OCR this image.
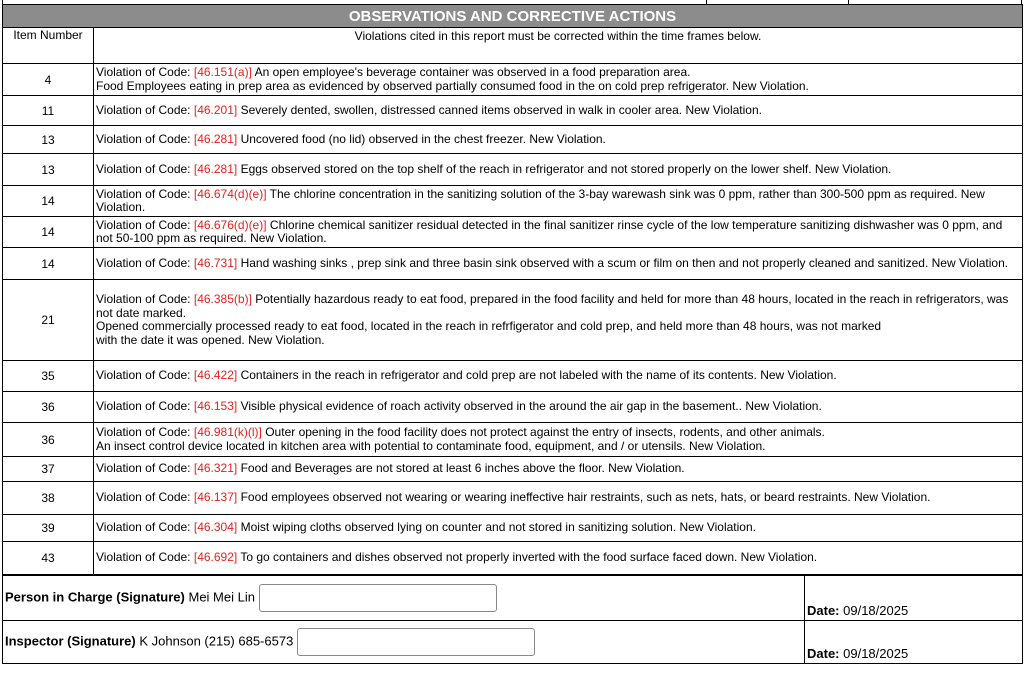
OBSERVATIONS AND CORRECTIVE ACTIONS	
Item Number	Violations cited in this report must be corrected within the time frames below.
4	Violation of Code: [46.151(a)] An open employee's beverage container was observed in a food preparation area.
Food Employees eating in prep area as evidenced by observed partially consumed food in the on cold prep refrigerator. New Violation.
11	Violation of Code: [46.201] Severely dented, swollen, distressed canned items observed in walk in cooler area. New Violation.
13	Violation of Code: [46.281] Uncovered food (no lid) observed in the chest freezer. New Violation.
13	Violation of Code: [46.281] Eggs observed stored on the top shelf of the reach in refrigerator and not stored properly on the lower shelf. New Violation.
14	Violation of Code: [46.674(d)(e)] The chlorine concentration in the sanitizing solution of the 3-bay warewash sink was 0 ppm, rather than 300-500 ppm as required. New Violation.
14	Violation of Code: [46.676(d)(e)] Chlorine chemical sanitizer residual detected in the final sanitizer rinse cycle of the low temperature sanitizing dishwasher was 0 ppm, and not 50-100 ppm as required. New Violation.
14	Violation of Code: [46.731] Hand washing sinks , prep sink and three basin sink observed with a scum or film on then and not properly cleaned and sanitized. New Violation.
21	Violation of Code: [46.385(b)] Potentially hazardous ready to eat food, prepared in the food facility and held for more than 48 hours, located in the reach in refrigerators, was not date marked.
Opened commercially processed ready to eat food, located in the reach in refrfigerator and cold prep, and held more than 48 hours, was not marked
with the date it was opened. New Violation.
35	Violation of Code: [46.422] Containers in the reach in refrigerator and cold prep are not labeled with the name of its contents. New Violation.
36	Violation of Code: [46.153] Visible physical evidence of roach activity observed in the around the air gap in the basement.. New Violation.
36	Violation of Code: [46.981(k)(l)] Outer opening in the food facility does not protect against the entry of insects, rodents, and other animals.
An insect control device located in kitchen area with potential to contaminate food, equipment, and / or utensils. New Violation.
37	Violation of Code: [46.321] Food and Beverages are not stored at least 6 inches above the floor. New Violation.
38	Violation of Code: [46.137] Food employees observed not wearing or wearing ineffective hair restraints, such as nets, hats, or beard restraints. New Violation.
39	Violation of Code: [46.304] Moist wiping cloths observed lying on counter and not stored in sanitizing solution. New Violation.
43	Violation of Code: [46.692] To go containers and dishes observed not properly inverted with the food surface faced down. New Violation.
Person in Charge (Signature) Mei Mei Lin	Date: 09/18/2025
Inspector (Signature) K Johnson (215) 685-6573	Date: 09/18/2025
